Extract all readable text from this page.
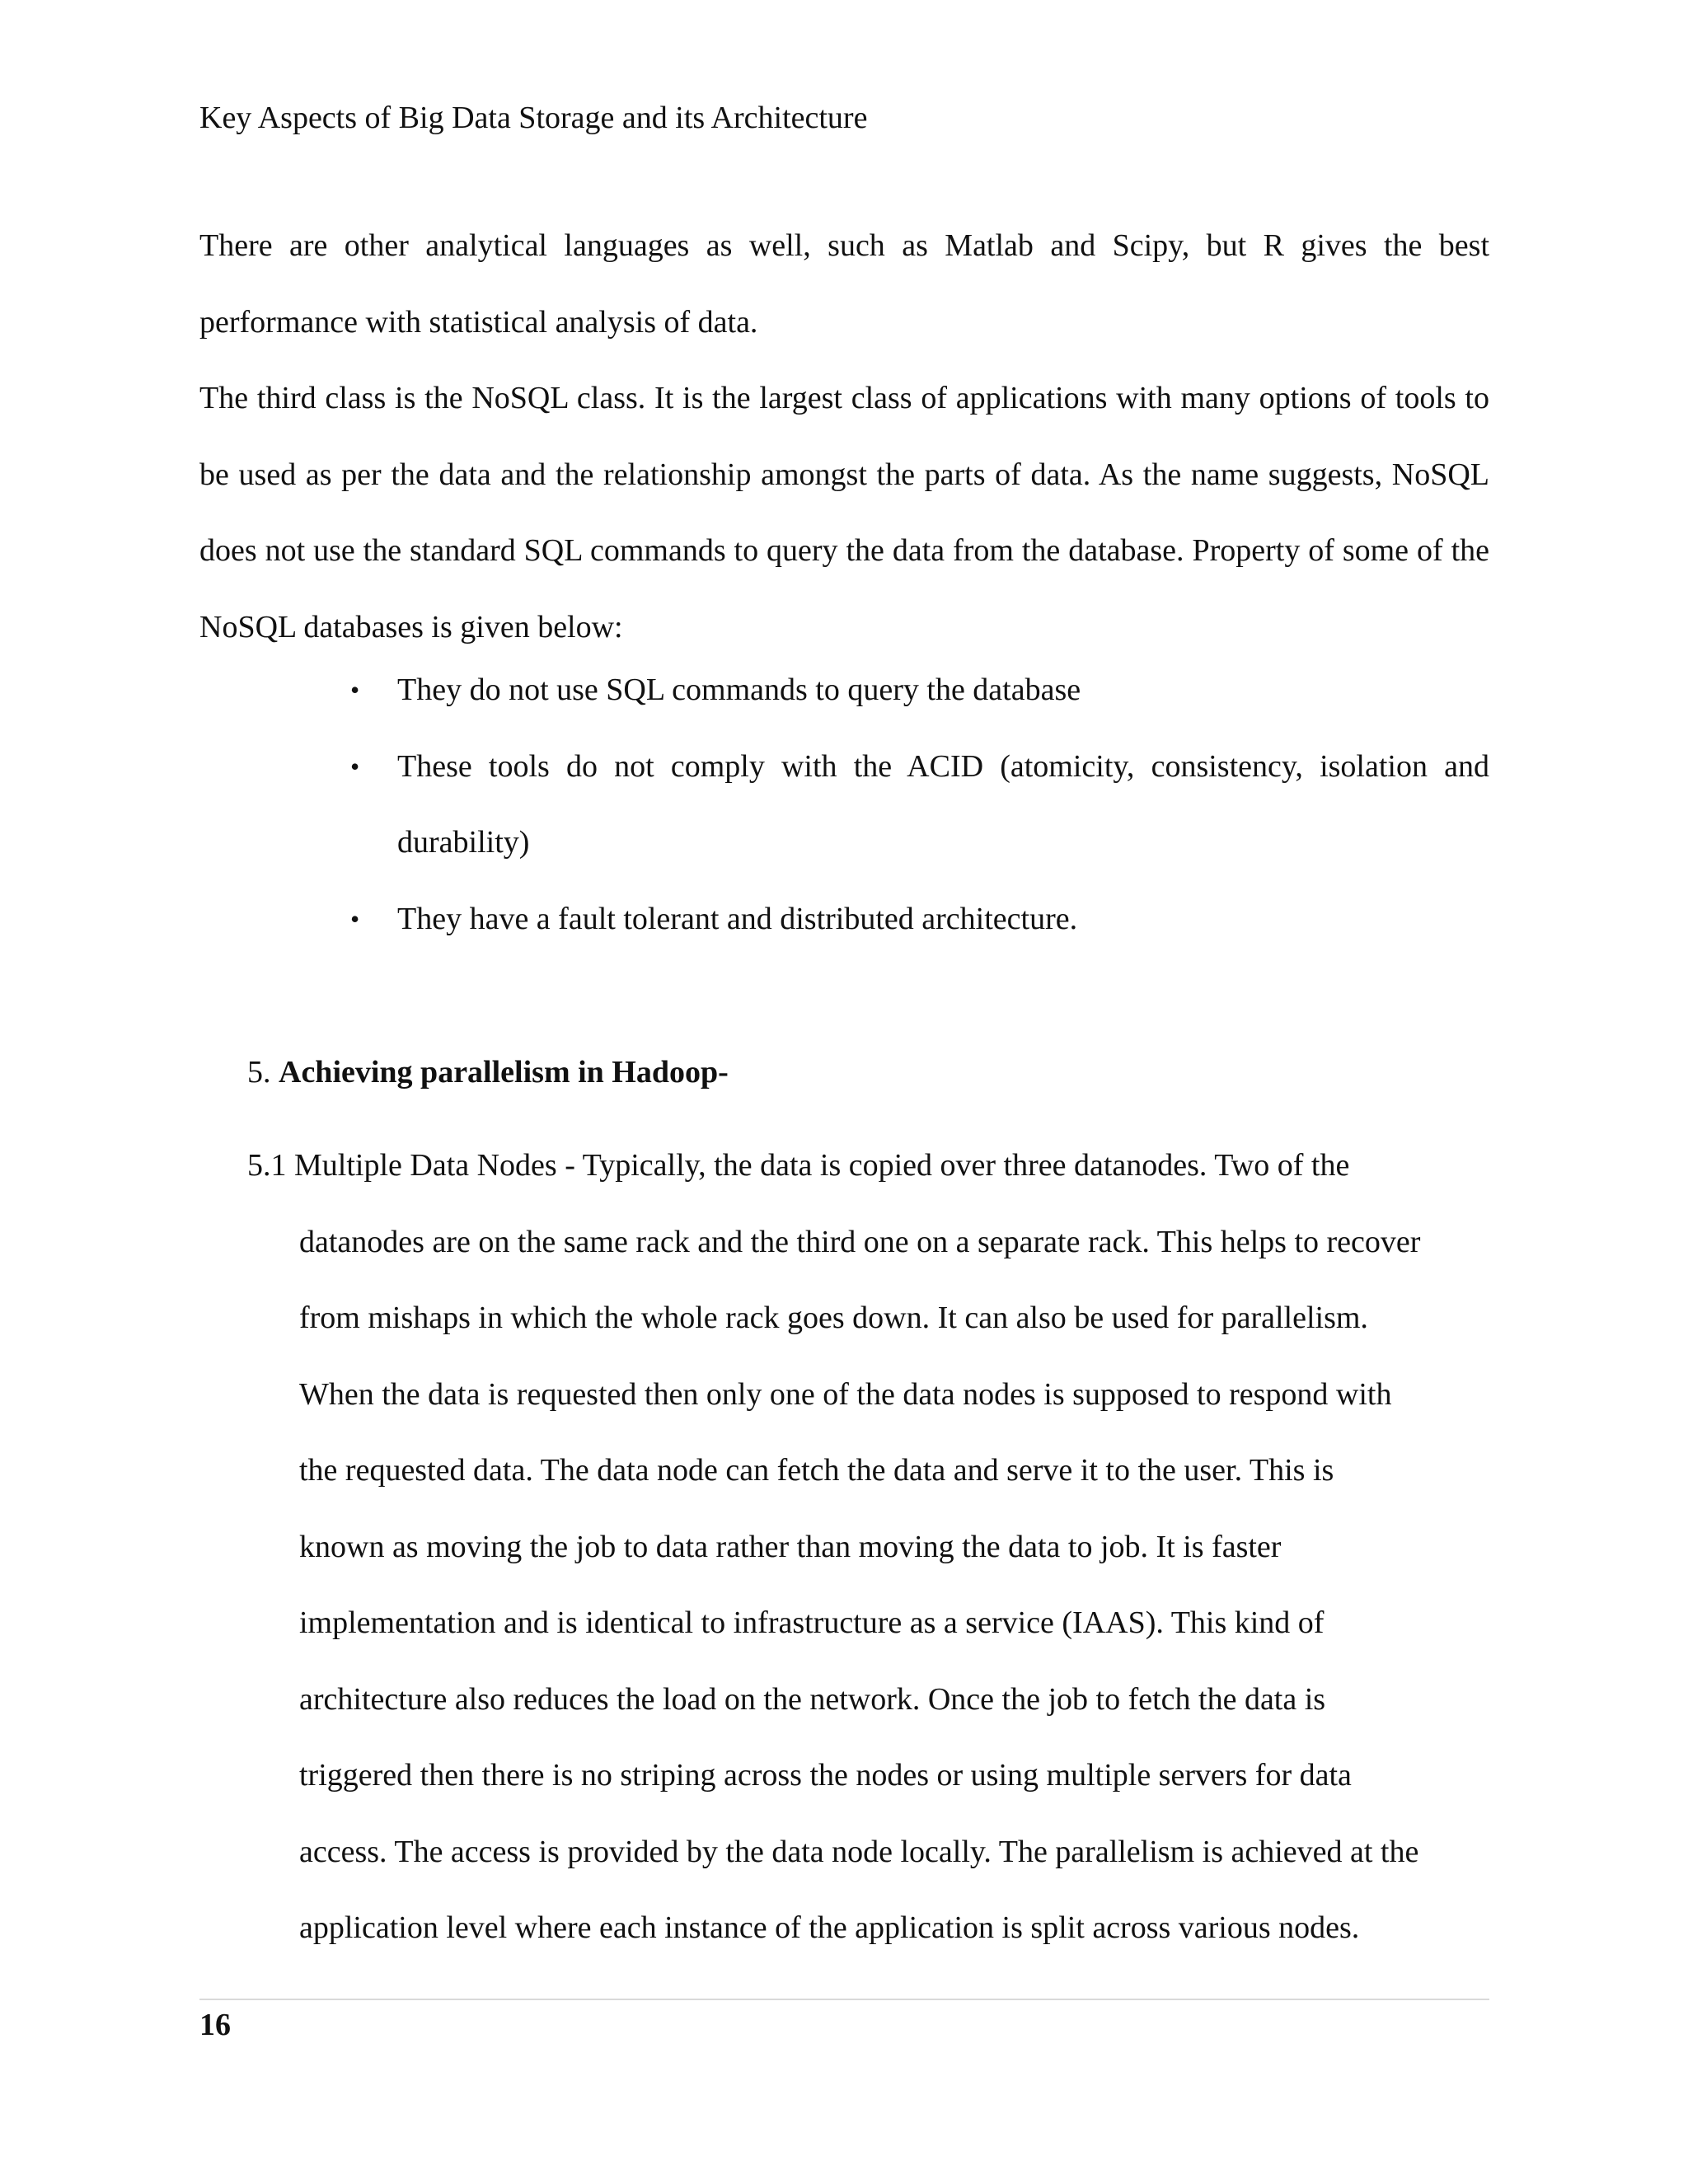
Key Aspects of Big Data Storage and its Architecture

There are other analytical languages as well, such as Matlab and Scipy, but R gives the best performance with statistical analysis of data.

The third class is the NoSQL class. It is the largest class of applications with many options of tools to be used as per the data and the relationship amongst the parts of data. As the name suggests, NoSQL does not use the standard SQL commands to query the data from the database. Property of some of the NoSQL databases is given below:

• They do not use SQL commands to query the database
• These tools do not comply with the ACID (atomicity, consistency, isolation and durability)
• They have a fault tolerant and distributed architecture.
5. Achieving parallelism in Hadoop-
5.1 Multiple Data Nodes - Typically, the data is copied over three datanodes. Two of the
datanodes are on the same rack and the third one on a separate rack. This helps to recover
from mishaps in which the whole rack goes down. It can also be used for parallelism.
When the data is requested then only one of the data nodes is supposed to respond with
the requested data. The data node can fetch the data and serve it to the user. This is
known as moving the job to data rather than moving the data to job. It is faster
implementation and is identical to infrastructure as a service (IAAS). This kind of
architecture also reduces the load on the network. Once the job to fetch the data is
triggered then there is no striping across the nodes or using multiple servers for data
access. The access is provided by the data node locally. The parallelism is achieved at the
application level where each instance of the application is split across various nodes.
16
